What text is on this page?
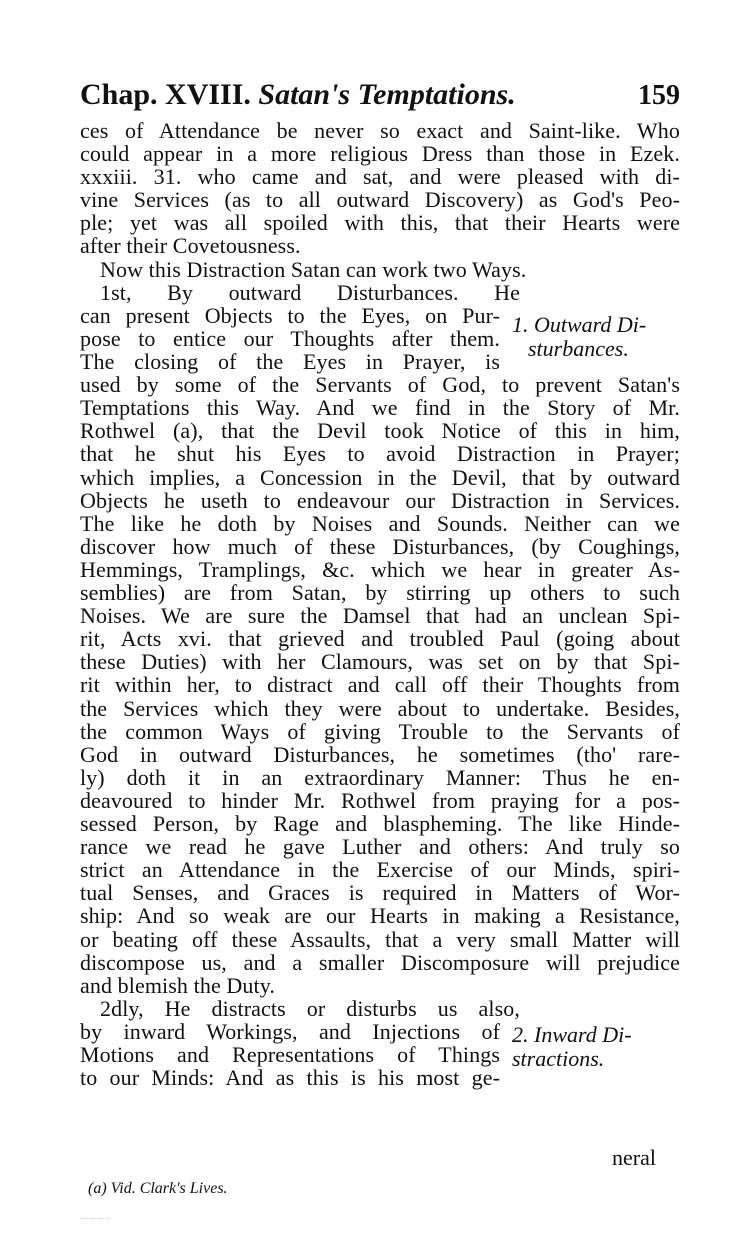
Chap. XVIII. Satan's Temptations.	159
ces of Attendance be never so exact and Saint-like. Who
could appear in a more religious Dress than those in Ezek.
xxxiii. 31. who came and sat, and were pleased with di-
vine Services (as to all outward Discovery) as God's Peo-
ple; yet was all spoiled with this, that their Hearts were
after their Covetousness.
Now this Distraction Satan can work two Ways.
1st, By outward Disturbances. He
can present Objects to the Eyes, on Pur-
pose to entice our Thoughts after them.
The closing of the Eyes in Prayer, is
used by some of the Servants of God, to prevent Satan's
Temptations this Way. And we find in the Story of Mr.
Rothwel (a), that the Devil took Notice of this in him,
that he shut his Eyes to avoid Distraction in Prayer;
which implies, a Concession in the Devil, that by outward
Objects he useth to endeavour our Distraction in Services.
The like he doth by Noises and Sounds. Neither can we
discover how much of these Disturbances, (by Coughings,
Hemmings, Tramplings, &c. which we hear in greater As-
semblies) are from Satan, by stirring up others to such
Noises. We are sure the Damsel that had an unclean Spi-
rit, Acts xvi. that grieved and troubled Paul (going about
these Duties) with her Clamours, was set on by that Spi-
rit within her, to distract and call off their Thoughts from
the Services which they were about to undertake. Besides,
the common Ways of giving Trouble to the Servants of
God in outward Disturbances, he sometimes (tho' rare-
ly) doth it in an extraordinary Manner: Thus he en-
deavoured to hinder Mr. Rothwel from praying for a pos-
sessed Person, by Rage and blaspheming. The like Hinde-
rance we read he gave Luther and others: And truly so
strict an Attendance in the Exercise of our Minds, spiri-
tual Senses, and Graces is required in Matters of Wor-
ship: And so weak are our Hearts in making a Resistance,
or beating off these Assaults, that a very small Matter will
discompose us, and a smaller Discomposure will prejudice
and blemish the Duty.
2dly, He distracts or disturbs us also,
by inward Workings, and Injections of
Motions and Representations of Things
to our Minds: And as this is his most ge-
1. Outward Di-
sturbances.
2. Inward Di-
stractions.
neral
(a) Vid. Clark's Lives.
